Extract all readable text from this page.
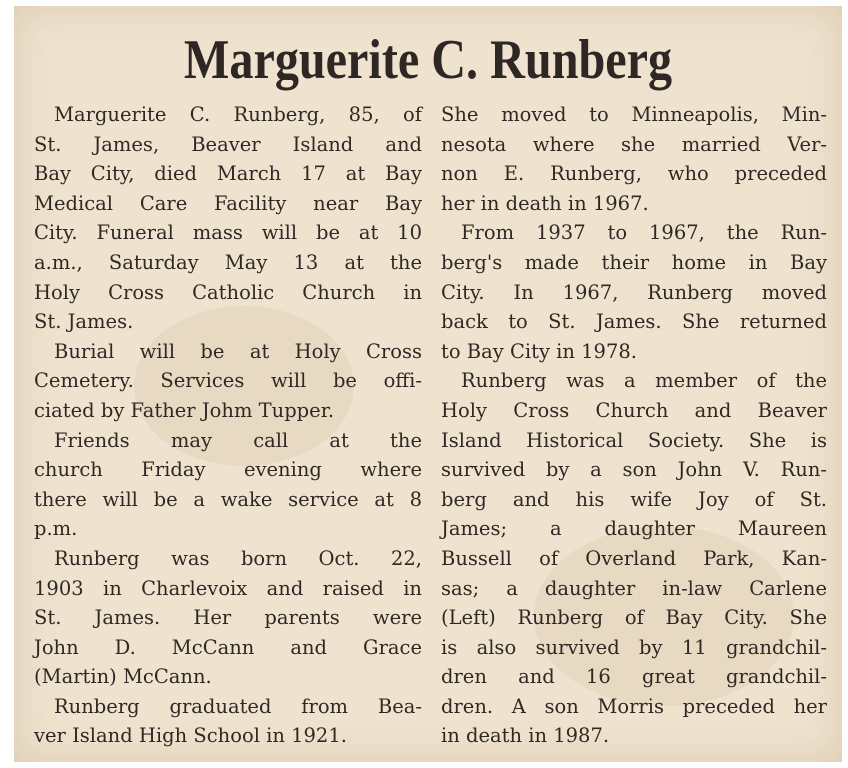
Marguerite C. Runberg

Marguerite C. Runberg, 85, of
St. James, Beaver Island and
Bay City, died March 17 at Bay
Medical Care Facility near Bay
City. Funeral mass will be at 10
a.m., Saturday May 13 at the
Holy Cross Catholic Church in
St. James.

Burial will be at Holy Cross
Cemetery. Services will be offi-
ciated by Father Johm Tupper.

Friends may call at the
church Friday evening where
there will be a wake service at 8
p.m.

Runberg was born Oct. 22,
1903 in Charlevoix and raised in
St. James. Her parents were
John D. McCann and Grace
(Martin) McCann.

Runberg graduated from Bea-
ver Island High School in 1921.

She moved to Minneapolis, Min-
nesota where she married Ver-
non E. Runberg, who preceded
her in death in 1967.

From 1937 to 1967, the Run-
berg's made their home in Bay
City. In 1967, Runberg moved
back to St. James. She returned
to Bay City in 1978.

Runberg was a member of the
Holy Cross Church and Beaver
Island Historical Society. She is
survived by a son John V. Run-
berg and his wife Joy of St.
James; a daughter Maureen
Bussell of Overland Park, Kan-
sas; a daughter in-law Carlene
(Left) Runberg of Bay City. She
is also survived by 11 grandchil-
dren and 16 great grandchil-
dren. A son Morris preceded her
in death in 1987.
